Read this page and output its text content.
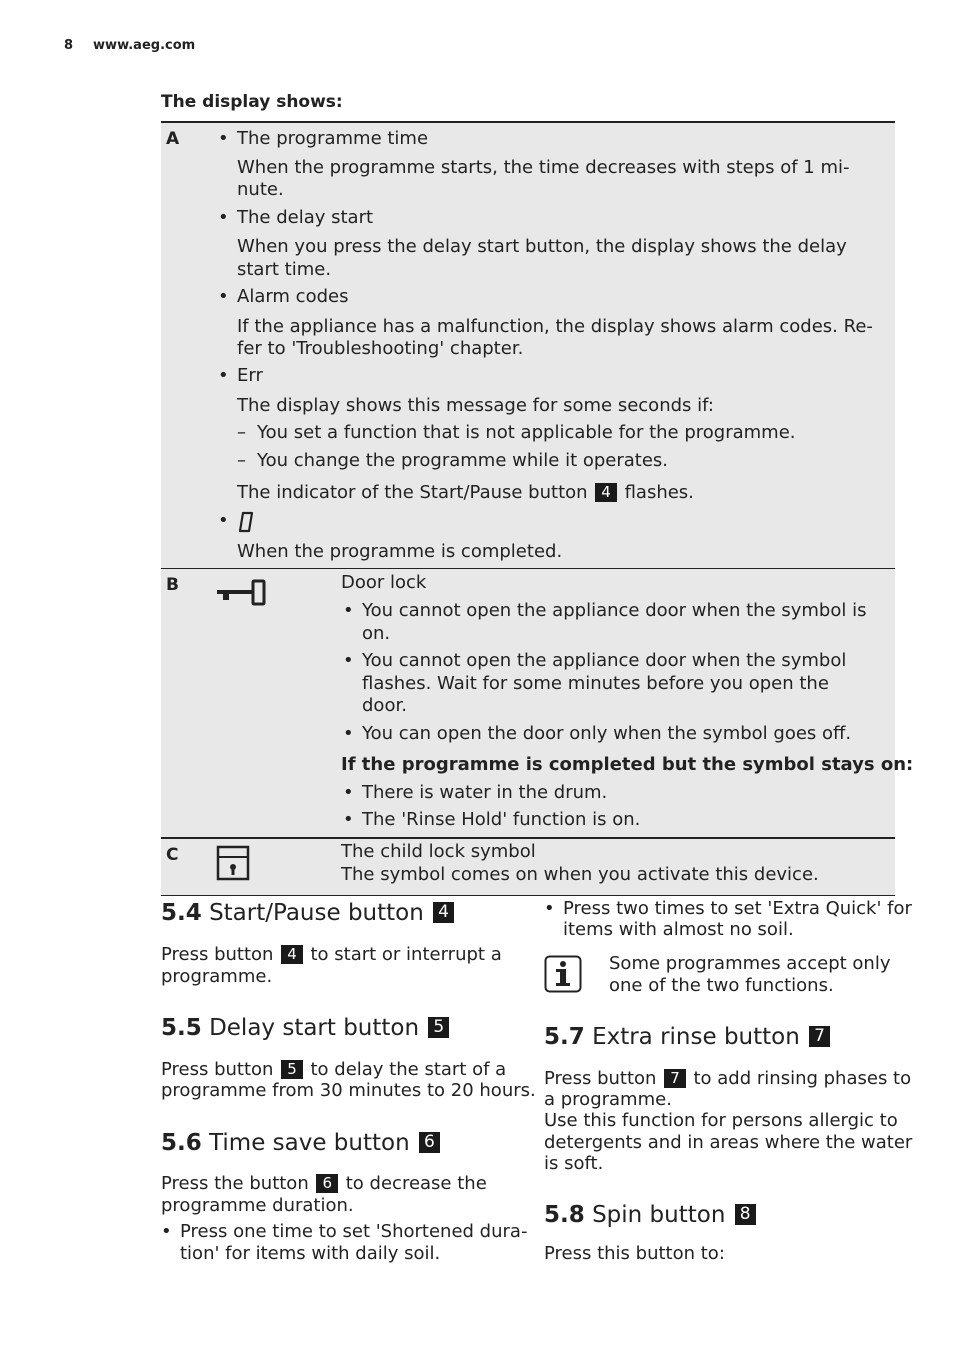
8 www.aeg.com
The display shows:
A
•	The programme time
When the programme starts, the time decreases with steps of 1 mi-
nute.
• The delay start
When you press the delay start button, the display shows the delay
start time.
• Alarm codes
If the appliance has a malfunction, the display shows alarm codes. Re-
fer to 'Troubleshooting' chapter.
• Err
The display shows this message for some seconds if:
– You set a function that is not applicable for the programme.
– You change the programme while it operates.
The indicator of the Start/Pause button 4 flashes.
•
When the programme is completed.
B	Door lock
• You cannot open the appliance door when the symbol is
on.
• You cannot open the appliance door when the symbol
flashes. Wait for some minutes before you open the
door.
• You can open the door only when the symbol goes off.
If the programme is completed but the symbol stays on:
• There is water in the drum.
• The 'Rinse Hold' function is on.
C	The child lock symbol
The symbol comes on when you activate this device.
5.4 Start/Pause button 4
Press button 4 to start or interrupt a
programme.
5.5 Delay start button 5
Press button 5 to delay the start of a
programme from 30 minutes to 20 hours.
5.6 Time save button 6
Press the button 6 to decrease the
programme duration.
• Press one time to set 'Shortened dura-
tion' for items with daily soil.
• Press two times to set 'Extra Quick' for
items with almost no soil.
Some programmes accept only
one of the two functions.
5.7 Extra rinse button 7
Press button 7 to add rinsing phases to
a programme.
Use this function for persons allergic to
detergents and in areas where the water
is soft.
5.8 Spin button 8
Press this button to:
